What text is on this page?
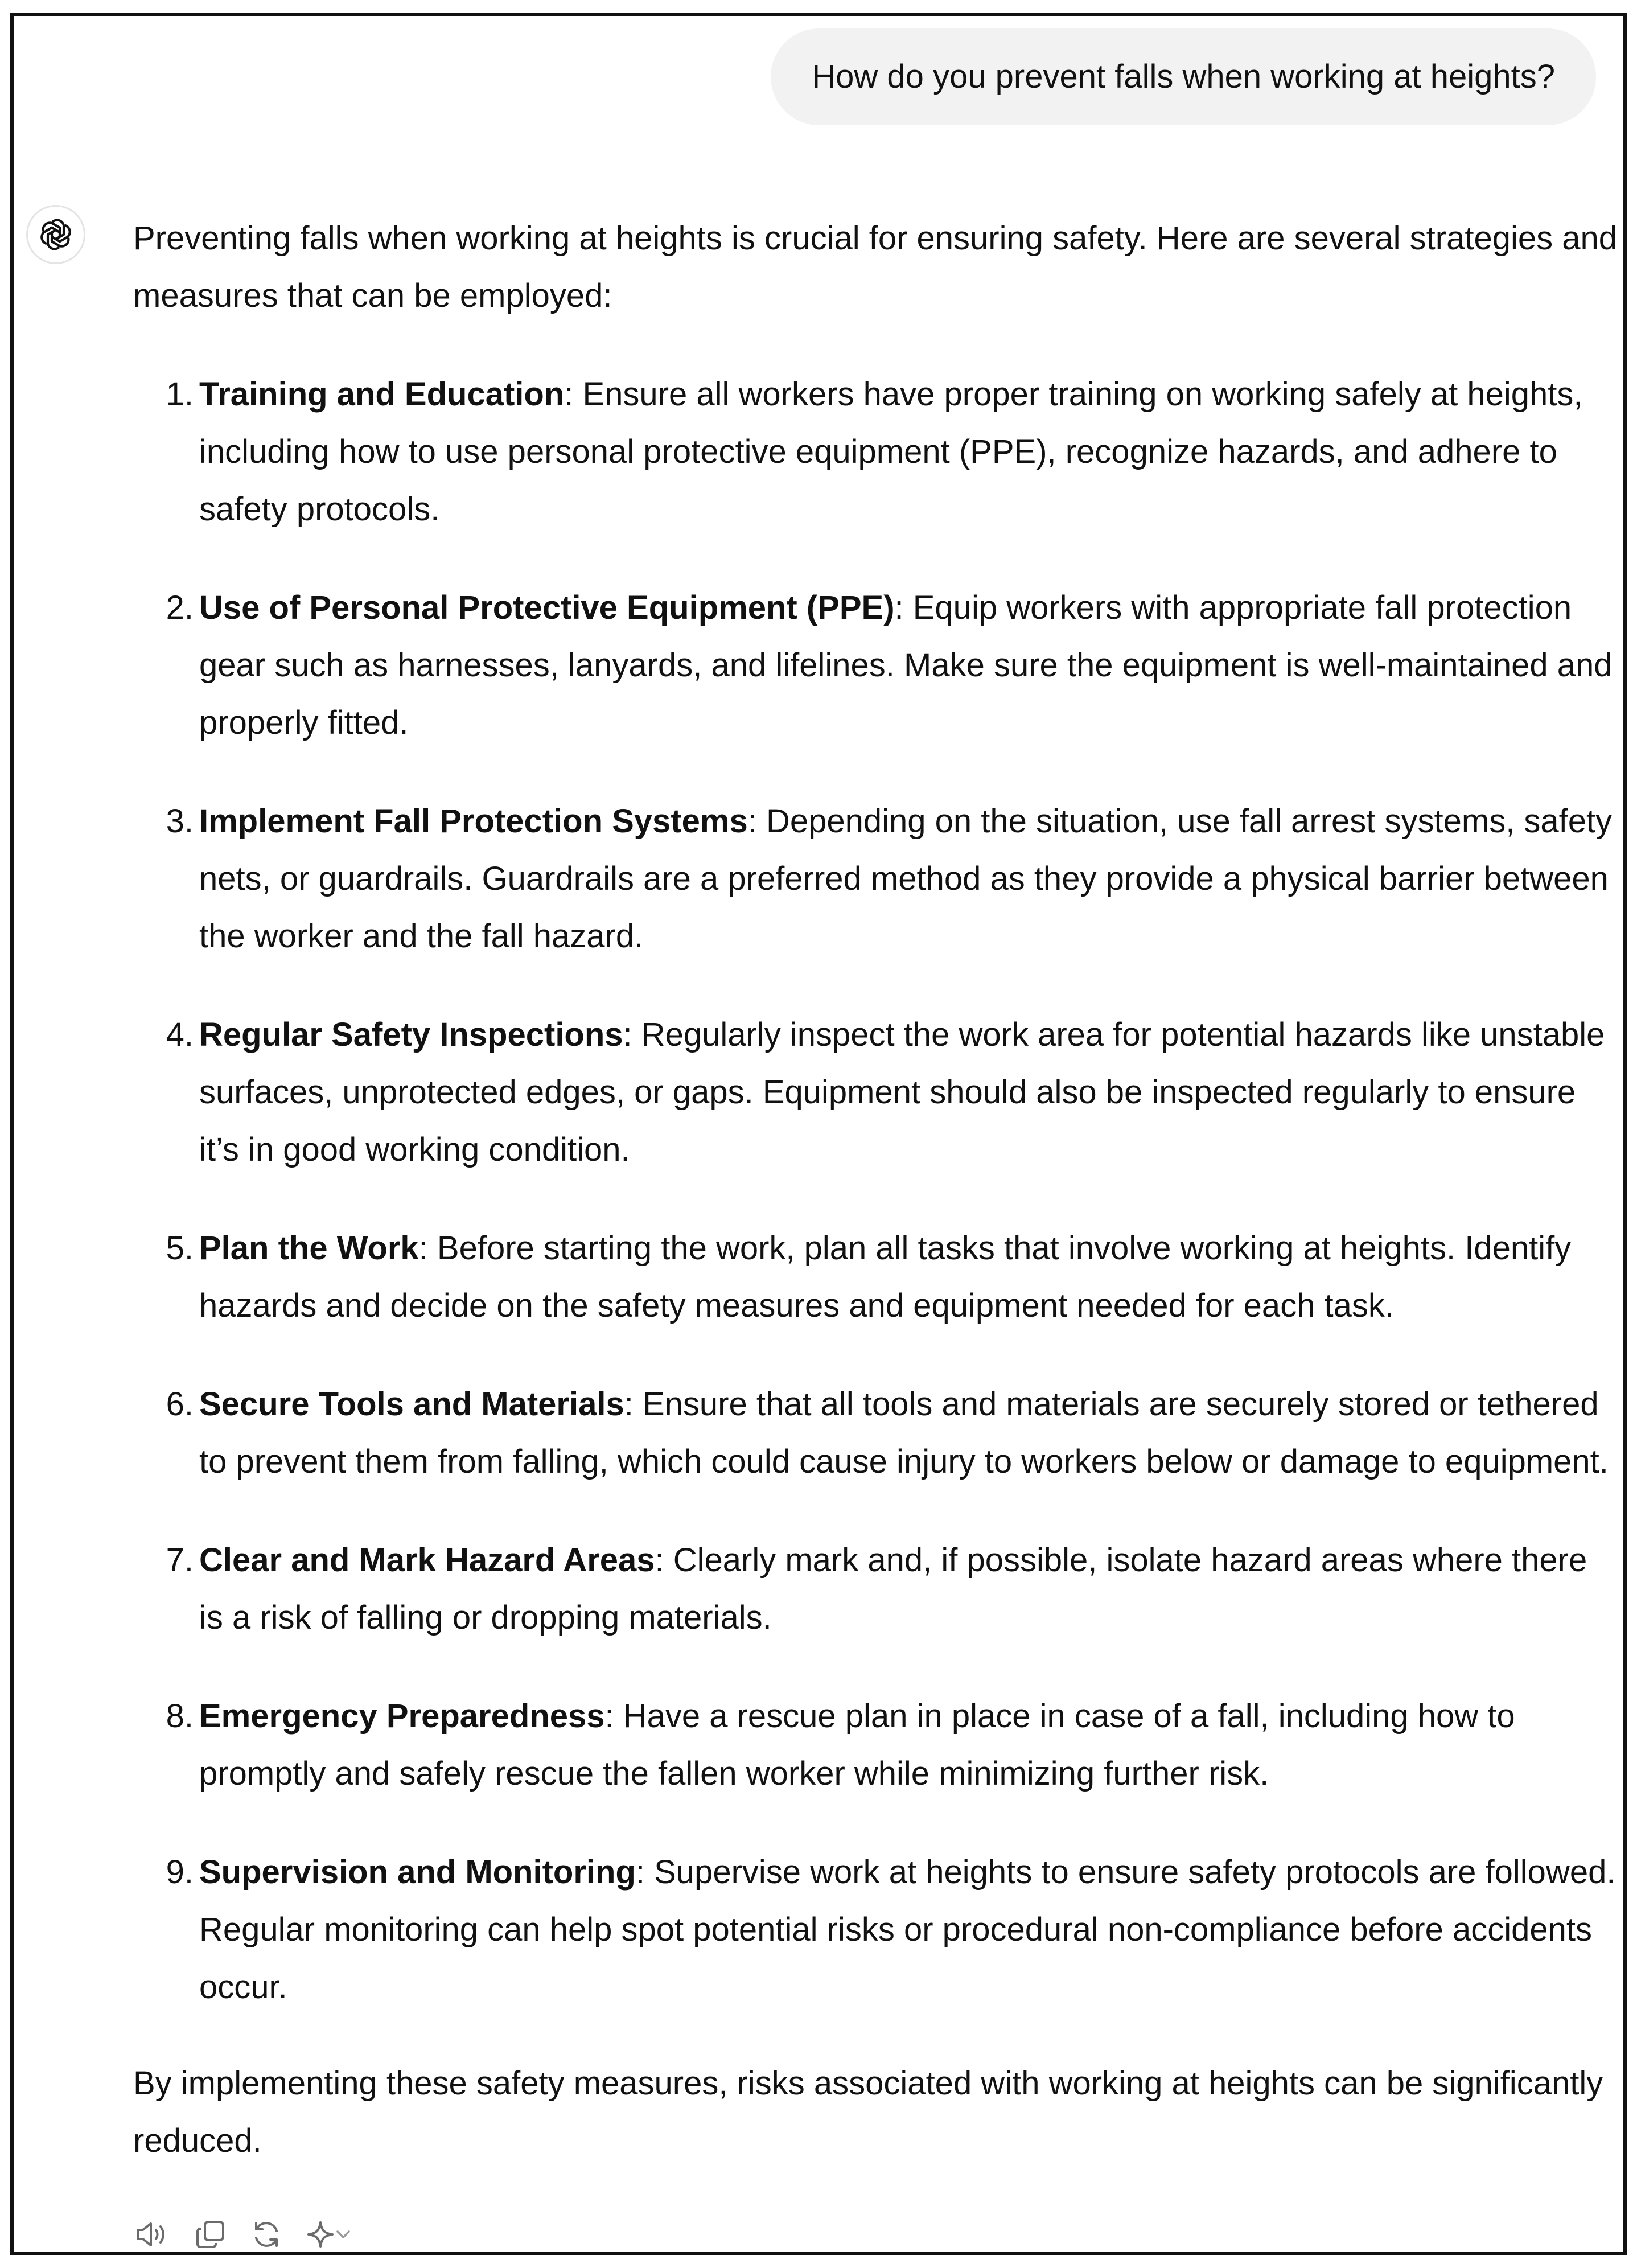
How do you prevent falls when working at heights?

Preventing falls when working at heights is crucial for ensuring safety. Here are several strategies and measures that can be employed:

1. Training and Education: Ensure all workers have proper training on working safely at heights, including how to use personal protective equipment (PPE), recognize hazards, and adhere to safety protocols.
2. Use of Personal Protective Equipment (PPE): Equip workers with appropriate fall protection gear such as harnesses, lanyards, and lifelines. Make sure the equipment is well-maintained and properly fitted.
3. Implement Fall Protection Systems: Depending on the situation, use fall arrest systems, safety nets, or guardrails. Guardrails are a preferred method as they provide a physical barrier between the worker and the fall hazard.
4. Regular Safety Inspections: Regularly inspect the work area for potential hazards like unstable surfaces, unprotected edges, or gaps. Equipment should also be inspected regularly to ensure it’s in good working condition.
5. Plan the Work: Before starting the work, plan all tasks that involve working at heights. Identify hazards and decide on the safety measures and equipment needed for each task.
6. Secure Tools and Materials: Ensure that all tools and materials are securely stored or tethered to prevent them from falling, which could cause injury to workers below or damage to equipment.
7. Clear and Mark Hazard Areas: Clearly mark and, if possible, isolate hazard areas where there is a risk of falling or dropping materials.
8. Emergency Preparedness: Have a rescue plan in place in case of a fall, including how to promptly and safely rescue the fallen worker while minimizing further risk.
9. Supervision and Monitoring: Supervise work at heights to ensure safety protocols are followed. Regular monitoring can help spot potential risks or procedural non-compliance before accidents occur.

By implementing these safety measures, risks associated with working at heights can be significantly reduced.
